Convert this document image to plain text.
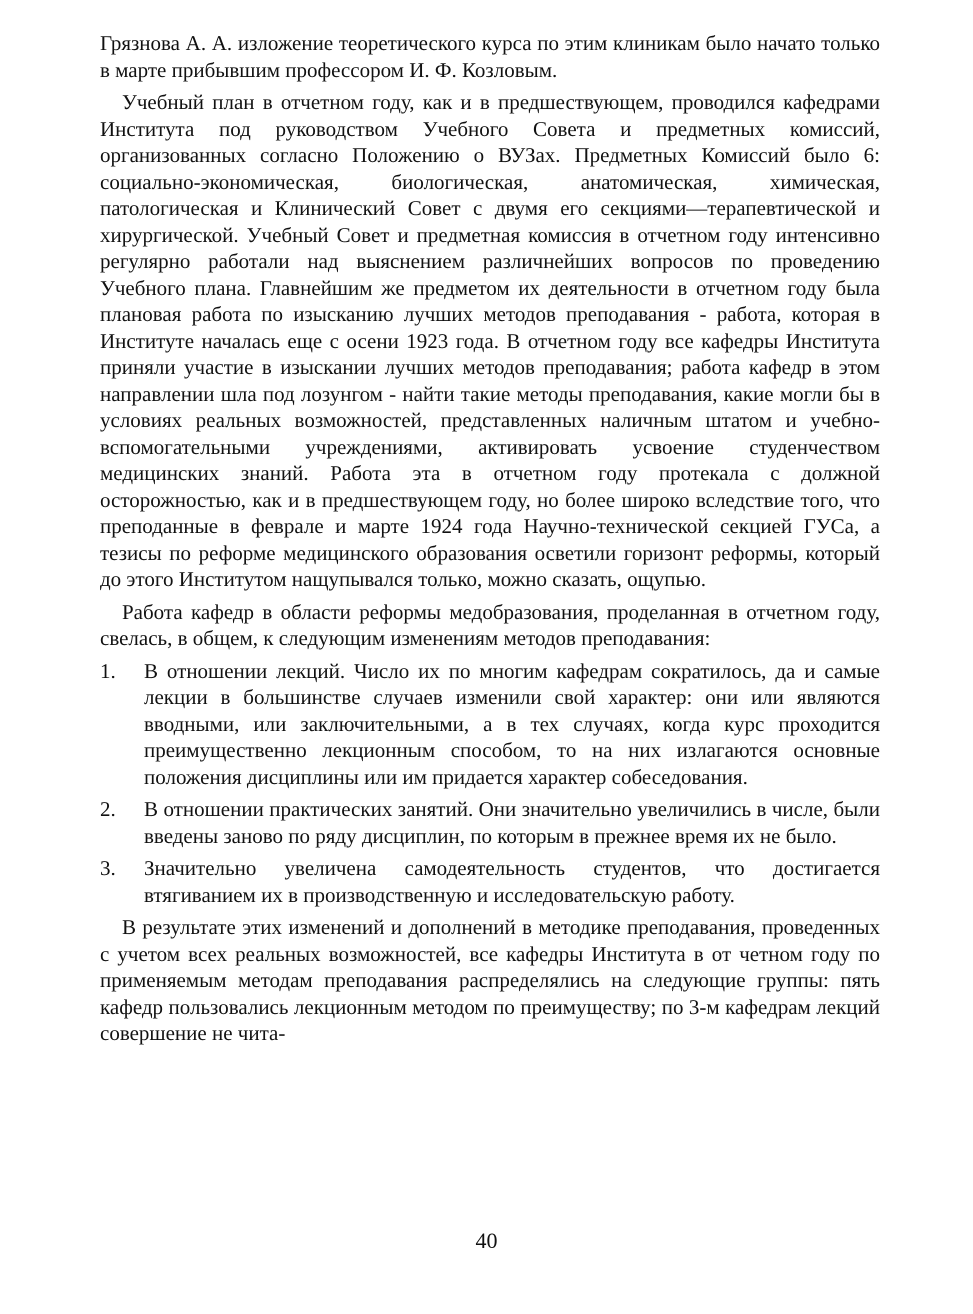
Грязнова А. А. изложение теоретического курса по этим клиникам было начато только в марте прибывшим профессором И. Ф. Козловым.

Учебный план в отчетном году, как и в предшествующем, проводился кафедрами Института под руководством Учебного Совета и предметных комиссий, организованных согласно Положению о ВУЗах. Предметных Комиссий было 6: социально-экономическая, биологическая, анатомическая, химическая, патологическая и Клинический Совет с двумя его секциями—терапевтической и хирургической. Учебный Совет и предметная комиссия в отчетном году интенсивно регулярно работали над выяснением различнейших вопросов по проведению Учебного плана. Главнейшим же предметом их деятельности в отчетном году была плановая работа по изысканию лучших методов преподавания - работа, которая в Институте началась еще с осени 1923 года. В отчетном году все кафедры Института приняли участие в изыскании лучших методов преподавания; работа кафедр в этом направлении шла под лозунгом - найти такие методы преподавания, какие могли бы в условиях реальных возможностей, представленных наличным штатом и учебно-вспомогательными учреждениями, активировать усвоение студенчеством медицинских знаний. Работа эта в отчетном году протекала с должной осторожностью, как и в предшествующем году, но более широко вследствие того, что преподанные в феврале и марте 1924 года Научно-технической секцией ГУСа, а тезисы по реформе медицинского образования осветили горизонт реформы, который до этого Институтом нащупывался только, можно сказать, ощупью.

Работа кафедр в области реформы медобразования, проделанная в отчетном году, свелась, в общем, к следующим изменениям методов преподавания:

1.	В отношении лекций. Число их по многим кафедрам сократилось, да и самые лекции в большинстве случаев изменили свой характер: они или являются вводными, или заключительными, а в тех случаях, когда курс проходится преимущественно лекционным способом, то на них излагаются основные положения дисциплины или им придается характер собеседования.
2.	В отношении практических занятий. Они значительно увеличились в числе, были введены заново по ряду дисциплин, по которым в прежнее время их не было.
3.	Значительно увеличена самодеятельность студентов, что достигается втягиванием их в производственную и исследовательскую работу.

В результате этих изменений и дополнений в методике преподавания, проведенных с учетом всех реальных возможностей, все кафедры Института в от четном году по применяемым методам преподавания распределялись на следующие группы: пять кафедр пользовались лекционным методом по преимуществу; по 3-м кафедрам лекций совершение не чита-

40
